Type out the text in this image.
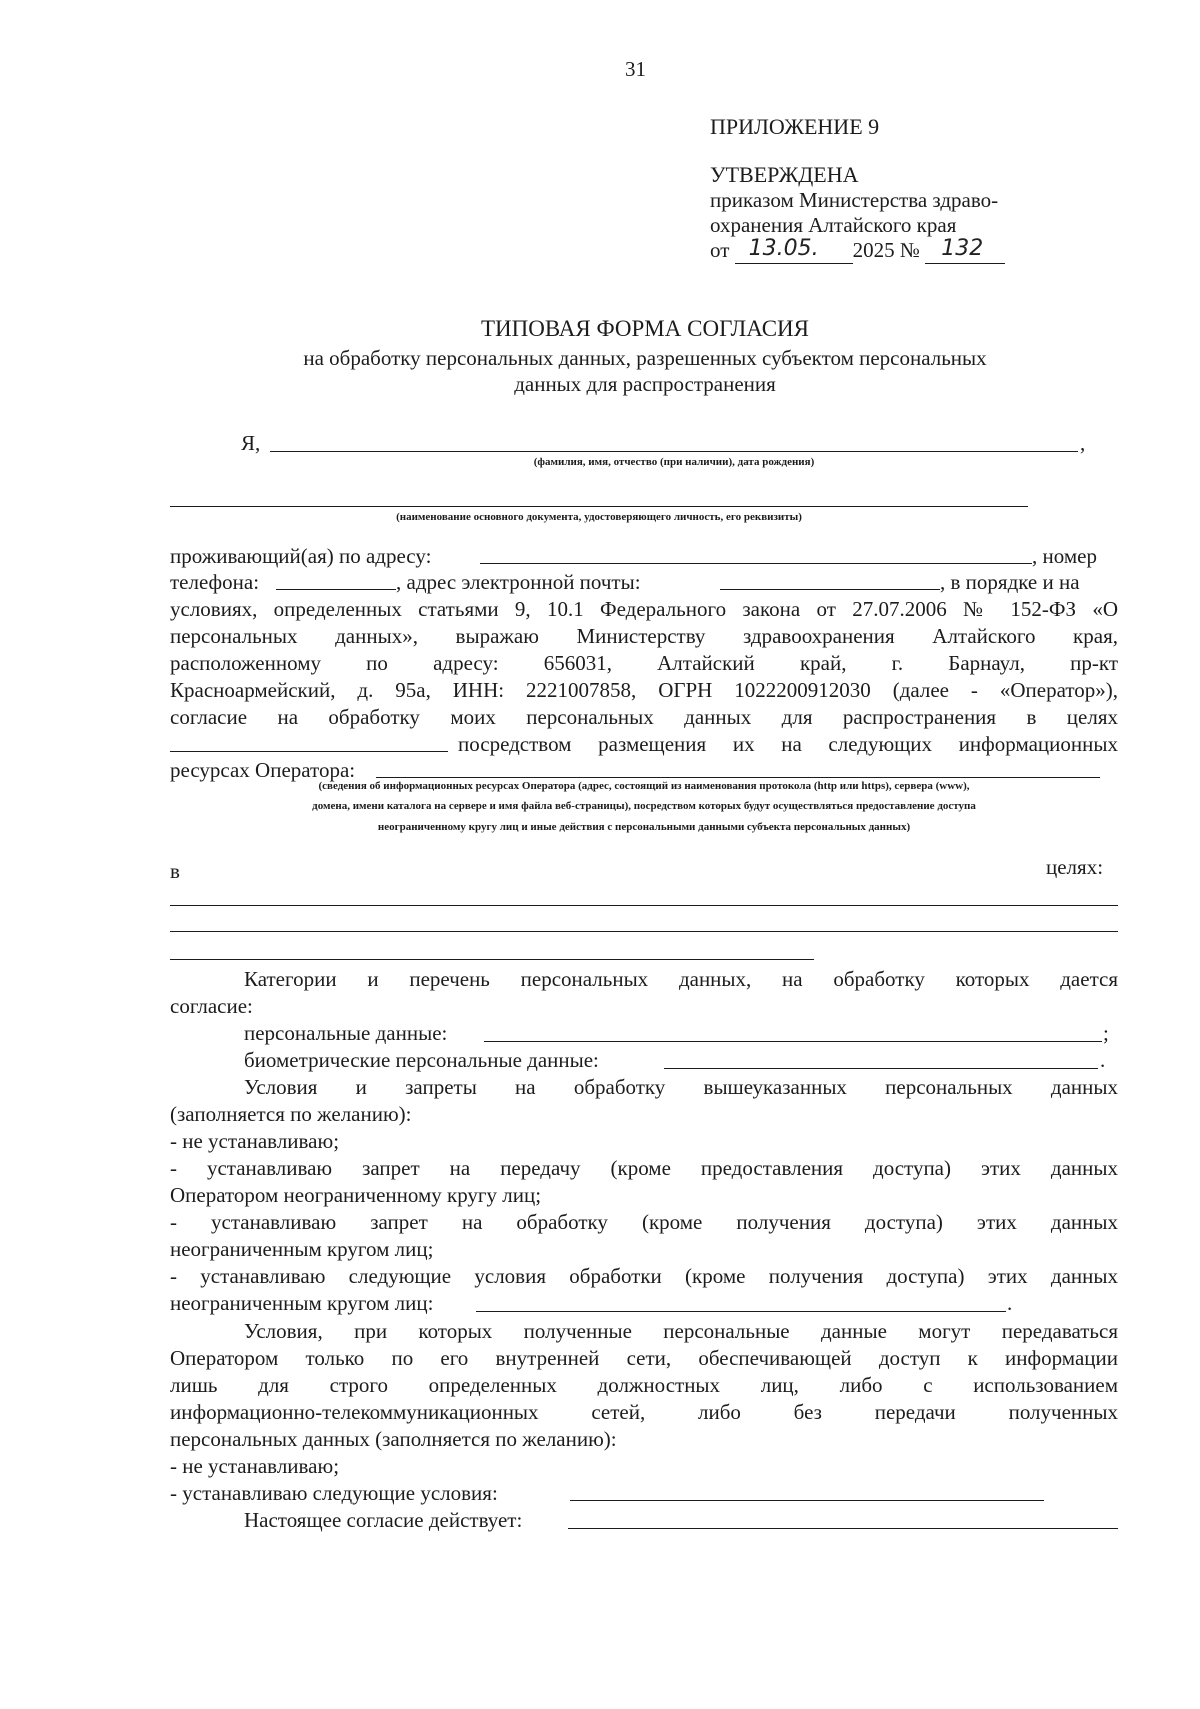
31
ПРИЛОЖЕНИЕ 9
УТВЕРЖДЕНА
приказом Министерства здраво-
охранения Алтайского края
от 13.05. 2025 № 132
ТИПОВАЯ ФОРМА СОГЛАСИЯ
на обработку персональных данных, разрешенных субъектом персональных
данных для распространения
Я,	,
(фамилия, имя, отчество (при наличии), дата рождения)
(наименование основного документа, удостоверяющего личность, его реквизиты)
проживающий(ая) по адресу:	, номер
телефона:	, адрес электронной почты:	, в порядке и на
условиях, определенных статьями 9, 10.1 Федерального закона от 27.07.2006 № 152-ФЗ «О
персональных данных», выражаю Министерству здравоохранения Алтайского края,
расположенному по адресу: 656031, Алтайский край, г. Барнаул, пр-кт
Красноармейский, д. 95а, ИНН: 2221007858, ОГРН 1022200912030 (далее - «Оператор»),
согласие на обработку моих персональных данных для распространения в целях
посредством размещения их на следующих информационных
ресурсах Оператора:
(сведения об информационных ресурсах Оператора (адрес, состоящий из наименования протокола (http или https), сервера (www),
домена, имени каталога на сервере и имя файла веб-страницы), посредством которых будут осуществляться предоставление доступа
неограниченному кругу лиц и иные действия с персональными данными субъекта персональных данных)
в	целях:
Категории и перечень персональных данных, на обработку которых дается
согласие:
персональные данные:	;
биометрические персональные данные:	.
Условия и запреты на обработку вышеуказанных персональных данных
(заполняется по желанию):
- не устанавливаю;
- устанавливаю запрет на передачу (кроме предоставления доступа) этих данных
Оператором неограниченному кругу лиц;
- устанавливаю запрет на обработку (кроме получения доступа) этих данных
неограниченным кругом лиц;
- устанавливаю следующие условия обработки (кроме получения доступа) этих данных
неограниченным кругом лиц:	.
Условия, при которых полученные персональные данные могут передаваться
Оператором только по его внутренней сети, обеспечивающей доступ к информации
лишь для строго определенных должностных лиц, либо с использованием
информационно-телекоммуникационных сетей, либо без передачи полученных
персональных данных (заполняется по желанию):
- не устанавливаю;
- устанавливаю следующие условия:
Настоящее согласие действует:
